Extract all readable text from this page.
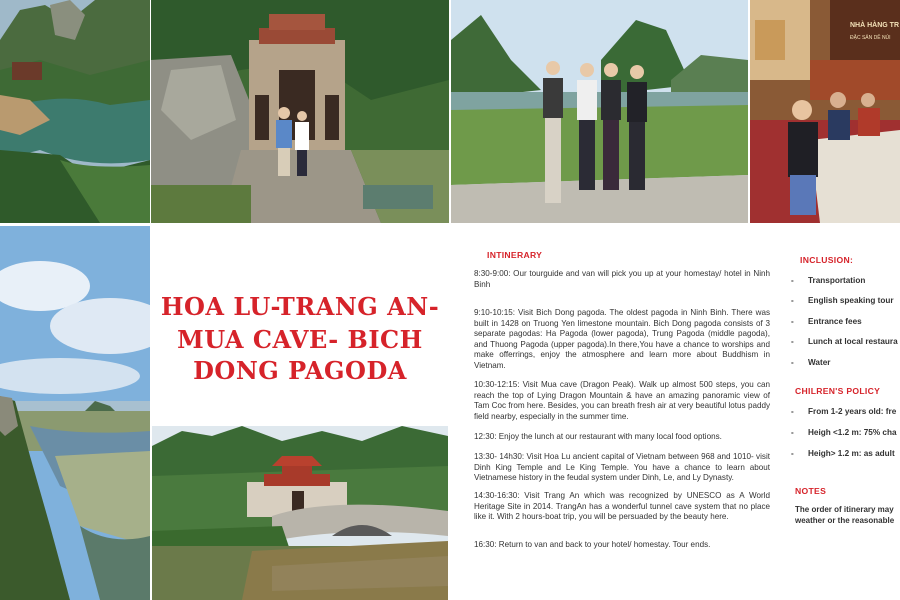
NHÀ HÀNG TR
ĐẶC SẢN DÊ NÚI
HOA LU-TRANG AN-
MUA CAVE- BICH
DONG PAGODA
INTINERARY
8:30-9:00: Our tourguide and van will pick you up at your homestay/ hotel in Ninh Binh
9:10-10:15: Visit Bich Dong pagoda. The oldest pagoda in Ninh Binh. There was built in 1428 on Truong Yen limestone mountain. Bich Dong pagoda consists of 3 separate pagodas: Ha Pagoda (lower pagoda), Trung Pagoda (middle pagoda), and Thuong Pagoda (upper pagoda).In there,You have a chance to worships and make offerrings, enjoy the atmosphere and learn more about Buddhism in Vietnam.
10:30-12:15: Visit Mua cave (Dragon Peak). Walk up almost 500 steps, you can reach the top of Lying Dragon Mountain & have an amazing panoramic view of Tam Coc from here. Besides, you can breath fresh air at very beautiful lotus paddy field nearby, especially in the summer time.
12:30: Enjoy the lunch at our restaurant with many local food options.
13:30- 14h30: Visit Hoa Lu ancient capital of Vietnam between 968 and 1010- visit Dinh King Temple and Le King Temple. You have a chance to learn about Vietnamese history in the feudal system under Dinh, Le, and Ly Dynasty.
14:30-16:30: Visit Trang An which was recognized by UNESCO as A World Heritage Site in 2014. TrangAn has a wonderful tunnel cave system that no place like it. With 2 hours-boat trip, you will be persuaded by the beauty here.
16:30: Return to van and back to your hotel/ homestay. Tour ends.
INCLUSION:
- Transportation
- English speaking tour
- Entrance fees
- Lunch at local restaura
- Water
CHILREN'S POLICY
- From 1-2 years old: fre
- Heigh <1.2 m: 75% cha
- Heigh> 1.2 m: as adult
NOTES
The order of itinerary may
weather or the reasonable
